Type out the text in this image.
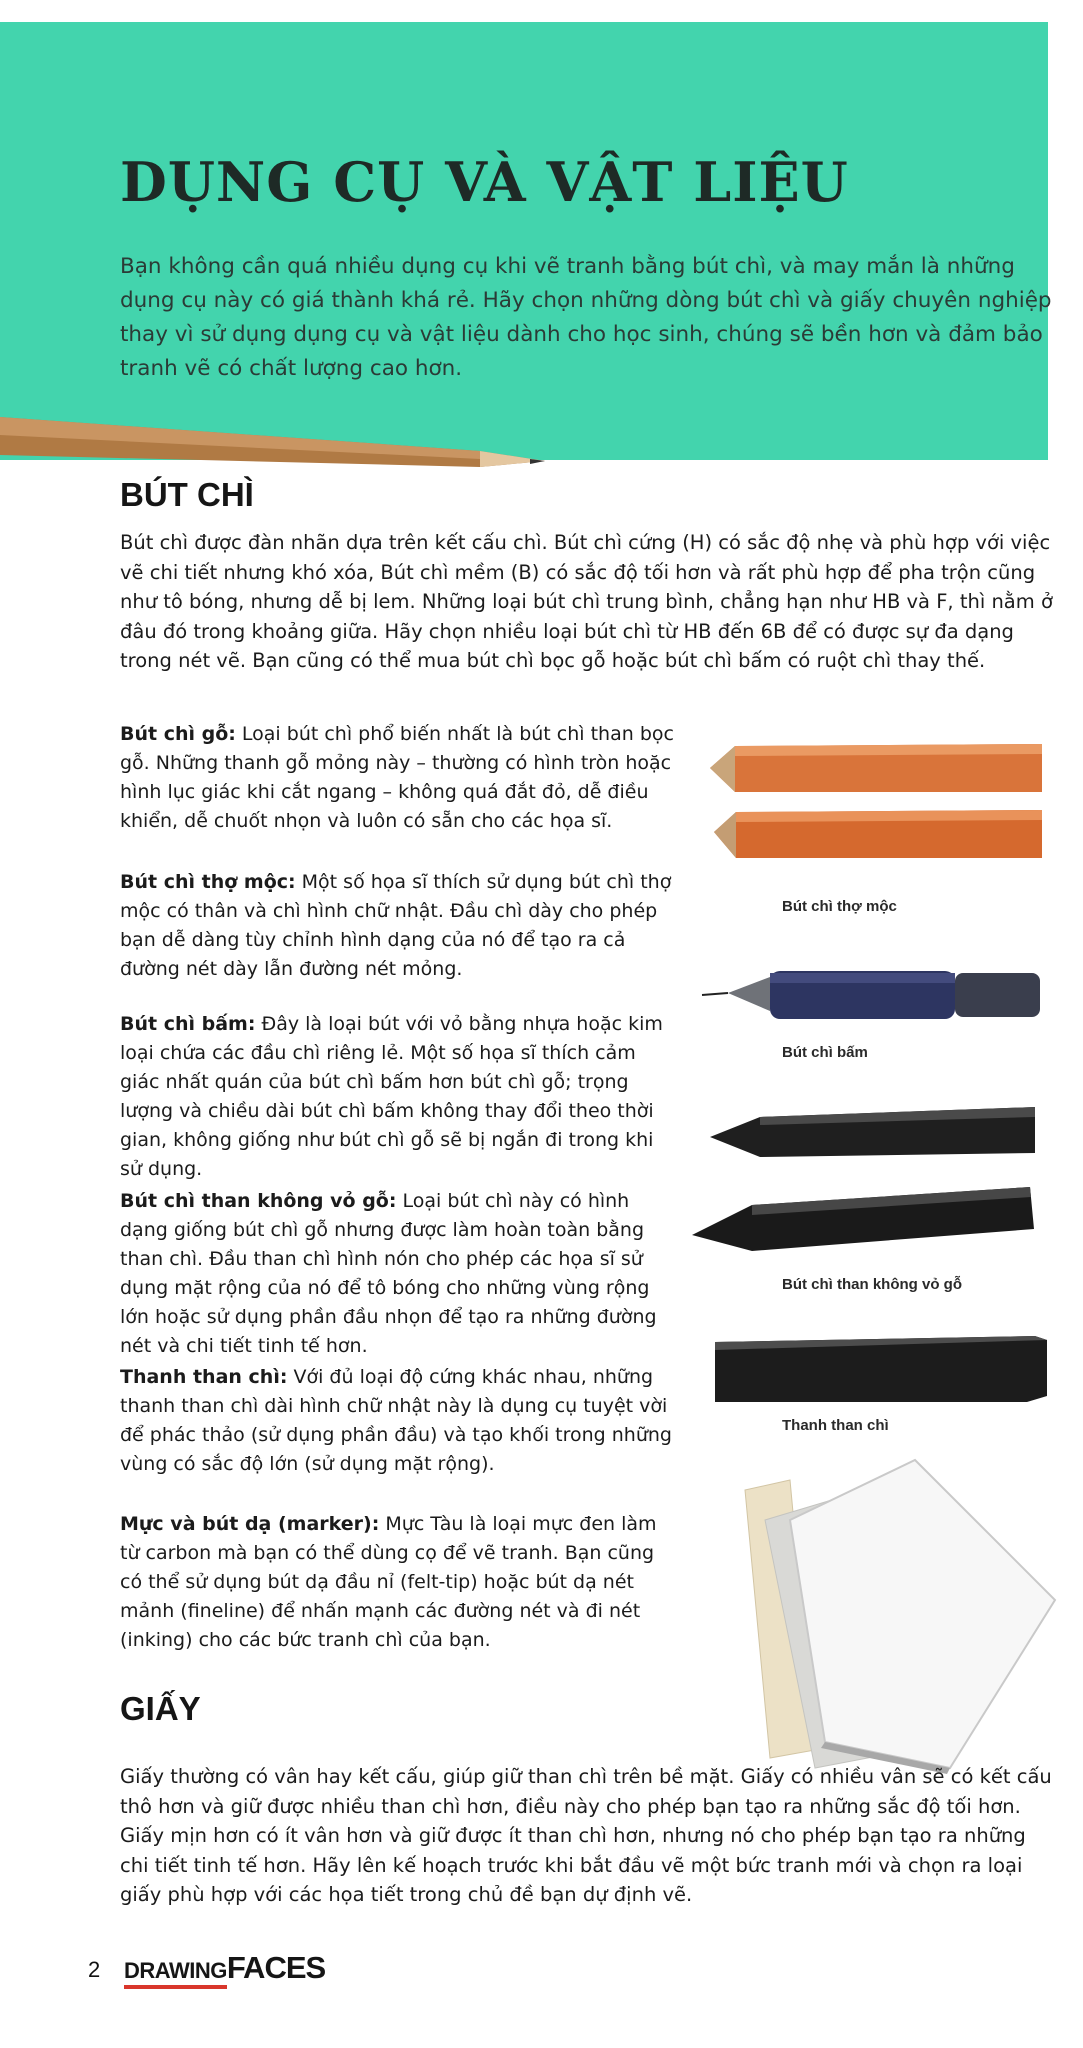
DỤNG CỤ VÀ VẬT LIỆU

Bạn không cần quá nhiều dụng cụ khi vẽ tranh bằng bút chì, và may mắn là những dụng cụ này có giá thành khá rẻ. Hãy chọn những dòng bút chì và giấy chuyên nghiệp thay vì sử dụng dụng cụ và vật liệu dành cho học sinh, chúng sẽ bền hơn và đảm bảo tranh vẽ có chất lượng cao hơn.

BÚT CHÌ

Bút chì được đàn nhãn dựa trên kết cấu chì. Bút chì cứng (H) có sắc độ nhẹ và phù hợp với việc vẽ chi tiết nhưng khó xóa, Bút chì mềm (B) có sắc độ tối hơn và rất phù hợp để pha trộn cũng như tô bóng, nhưng dễ bị lem. Những loại bút chì trung bình, chẳng hạn như HB và F, thì nằm ở đâu đó trong khoảng giữa. Hãy chọn nhiều loại bút chì từ HB đến 6B để có được sự đa dạng trong nét vẽ. Bạn cũng có thể mua bút chì bọc gỗ hoặc bút chì bấm có ruột chì thay thế.

Bút chì gỗ: Loại bút chì phổ biến nhất là bút chì than bọc gỗ. Những thanh gỗ mỏng này – thường có hình tròn hoặc hình lục giác khi cắt ngang – không quá đắt đỏ, dễ điều khiển, dễ chuốt nhọn và luôn có sẵn cho các họa sĩ.

Bút chì thợ mộc: Một số họa sĩ thích sử dụng bút chì thợ mộc có thân và chì hình chữ nhật. Đầu chì dày cho phép bạn dễ dàng tùy chỉnh hình dạng của nó để tạo ra cả đường nét dày lẫn đường nét mỏng.

Bút chì bấm: Đây là loại bút với vỏ bằng nhựa hoặc kim loại chứa các đầu chì riêng lẻ. Một số họa sĩ thích cảm giác nhất quán của bút chì bấm hơn bút chì gỗ; trọng lượng và chiều dài bút chì bấm không thay đổi theo thời gian, không giống như bút chì gỗ sẽ bị ngắn đi trong khi sử dụng.

Bút chì than không vỏ gỗ: Loại bút chì này có hình dạng giống bút chì gỗ nhưng được làm hoàn toàn bằng than chì. Đầu than chì hình nón cho phép các họa sĩ sử dụng mặt rộng của nó để tô bóng cho những vùng rộng lớn hoặc sử dụng phần đầu nhọn để tạo ra những đường nét và chi tiết tinh tế hơn.

Thanh than chì: Với đủ loại độ cứng khác nhau, những thanh than chì dài hình chữ nhật này là dụng cụ tuyệt vời để phác thảo (sử dụng phần đầu) và tạo khối trong những vùng có sắc độ lớn (sử dụng mặt rộng).

Mực và bút dạ (marker): Mực Tàu là loại mực đen làm từ carbon mà bạn có thể dùng cọ để vẽ tranh. Bạn cũng có thể sử dụng bút dạ đầu nỉ (felt-tip) hoặc bút dạ nét mảnh (fineline) để nhấn mạnh các đường nét và đi nét (inking) cho các bức tranh chì của bạn.

Bút chì thợ mộc

Bút chì bấm

Bút chì than không vỏ gỗ

Thanh than chì

GIẤY

Giấy thường có vân hay kết cấu, giúp giữ than chì trên bề mặt. Giấy có nhiều vân sẽ có kết cấu thô hơn và giữ được nhiều than chì hơn, điều này cho phép bạn tạo ra những sắc độ tối hơn. Giấy mịn hơn có ít vân hơn và giữ được ít than chì hơn, nhưng nó cho phép bạn tạo ra những chi tiết tinh tế hơn. Hãy lên kế hoạch trước khi bắt đầu vẽ một bức tranh mới và chọn ra loại giấy phù hợp với các họa tiết trong chủ đề bạn dự định vẽ.

2 DRAWING FACES
